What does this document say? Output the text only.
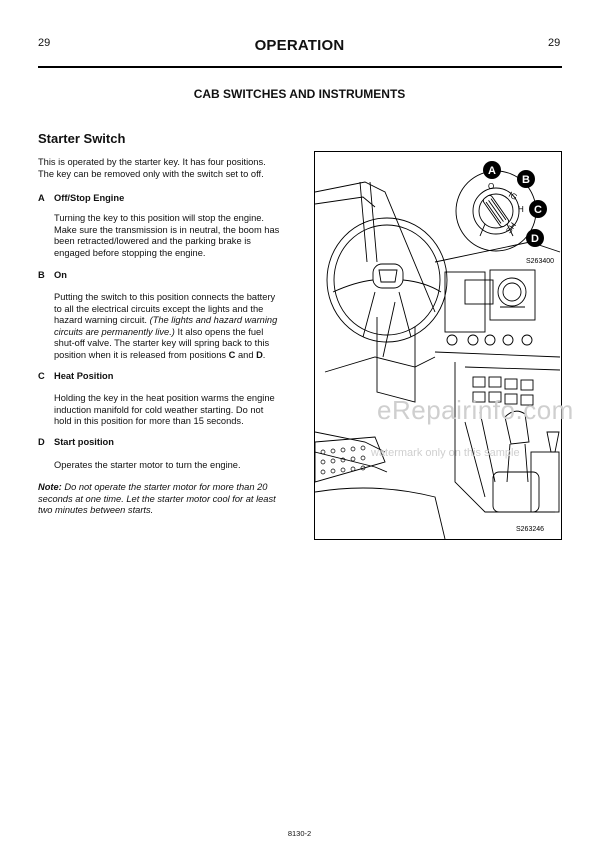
29	OPERATION	29
CAB SWITCHES AND INSTRUMENTS
Starter Switch
This is operated by the starter key. It has four positions.
The key can be removed only with the switch set to off.
A Off/Stop Engine
Turning the key to this position will stop the engine.
Make sure the transmission is in neutral, the boom has
been retracted/lowered and the parking brake is
engaged before stopping the engine.
B On
Putting the switch to this position connects the battery
to all the electrical circuits except the lights and the
hazard warning circuit. (The lights and hazard warning
circuits are permanently live.) It also opens the fuel
shut-off valve. The starter key will spring back to this
position when it is released from positions C and D.
C Heat Position
Holding the key in the heat position warms the engine
induction manifold for cold weather starting. Do not
hold in this position for more than 15 seconds.
D Start position
Operates the starter motor to turn the engine.
Note: Do not operate the starter motor for more than 20
seconds at one time. Let the starter motor cool for at least
two minutes between starts.
A
B
C
D
O
IG
H
SH
S263400
S263246
eRepairinfo.com
watermark only on this sample
8130-2
